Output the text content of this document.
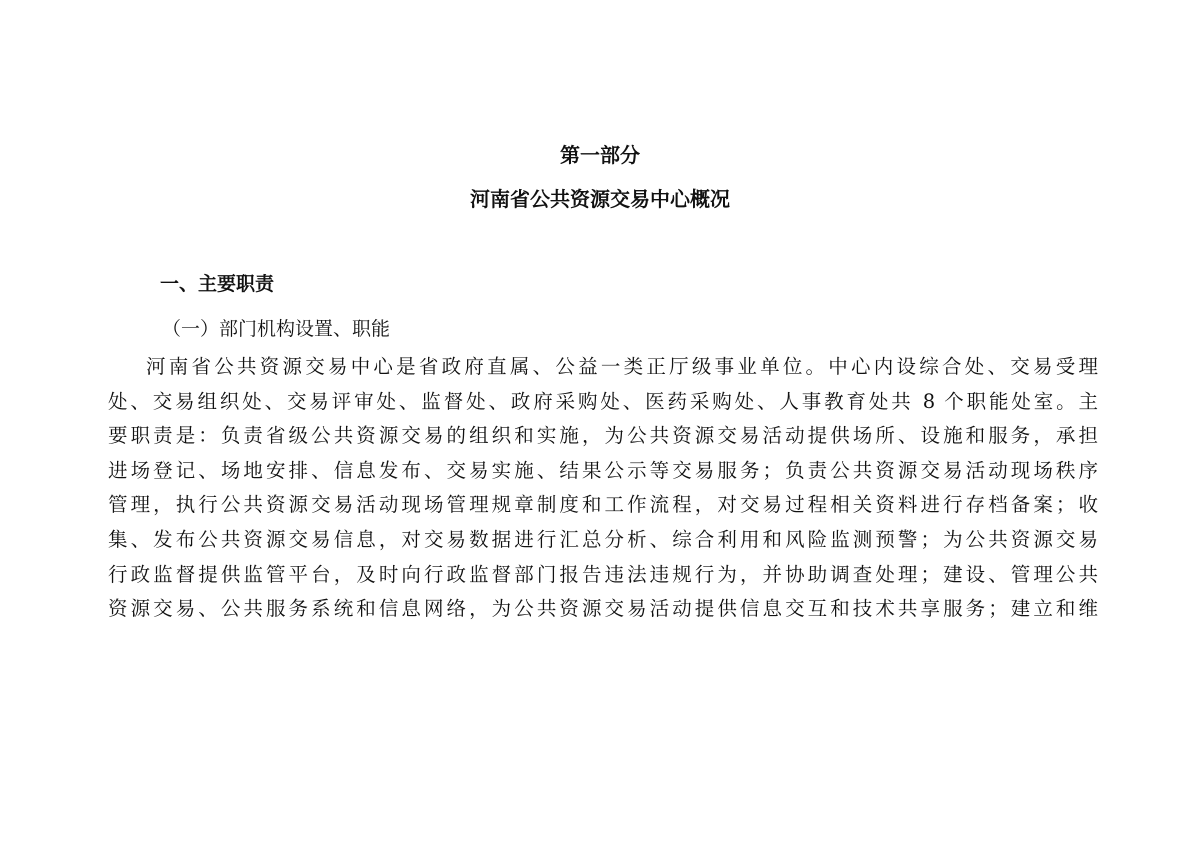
第一部分
河南省公共资源交易中心概况
一、主要职责
（一）部门机构设置、职能
河南省公共资源交易中心是省政府直属、公益一类正厅级事业单位。中心内设综合处、交易受理
处、交易组织处、交易评审处、监督处、政府采购处、医药采购处、人事教育处共 8 个职能处室。主
要职责是：负责省级公共资源交易的组织和实施，为公共资源交易活动提供场所、设施和服务，承担
进场登记、场地安排、信息发布、交易实施、结果公示等交易服务；负责公共资源交易活动现场秩序
管理，执行公共资源交易活动现场管理规章制度和工作流程，对交易过程相关资料进行存档备案；收
集、发布公共资源交易信息，对交易数据进行汇总分析、综合利用和风险监测预警；为公共资源交易
行政监督提供监管平台，及时向行政监督部门报告违法违规行为，并协助调查处理；建设、管理公共
资源交易、公共服务系统和信息网络，为公共资源交易活动提供信息交互和技术共享服务；建立和维
